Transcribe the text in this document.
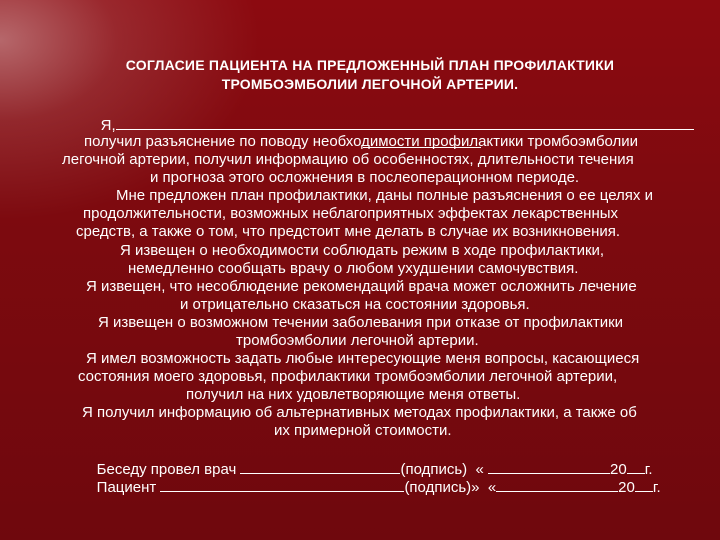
СОГЛАСИЕ ПАЦИЕНТА НА ПРЕДЛОЖЕННЫЙ ПЛАН ПРОФИЛАКТИКИ
ТРОМБОЭМБОЛИИ ЛЕГОЧНОЙ АРТЕРИИ.

Я,

получил разъяснение по поводу необходимости профилактики тромбоэмболии
легочной артерии, получил информацию об особенностях, длительности течения
и прогноза этого осложнения в послеоперационном периоде.
Мне предложен план профилактики, даны полные разъяснения о ее целях и
продолжительности, возможных неблагоприятных эффектах лекарственных
средств, а также о том, что предстоит мне делать в случае их возникновения.
Я извещен о необходимости соблюдать режим в ходе профилактики,
немедленно сообщать врачу о любом ухудшении самочувствия.
Я извещен, что несоблюдение рекомендаций врача может осложнить лечение
и отрицательно сказаться на состоянии здоровья.
Я извещен о возможном течении заболевания при отказе от профилактики
тромбоэмболии легочной артерии.
Я имел возможность задать любые интересующие меня вопросы, касающиеся
состояния моего здоровья, профилактики тромбоэмболии легочной артерии,
получил на них удовлетворяющие меня ответы.
Я получил информацию об альтернативных методах профилактики, а также об
их примерной стоимости.

Беседу провел врач	(подпись) «	20 г.

Пациент	(подпись)» «	20 г.
